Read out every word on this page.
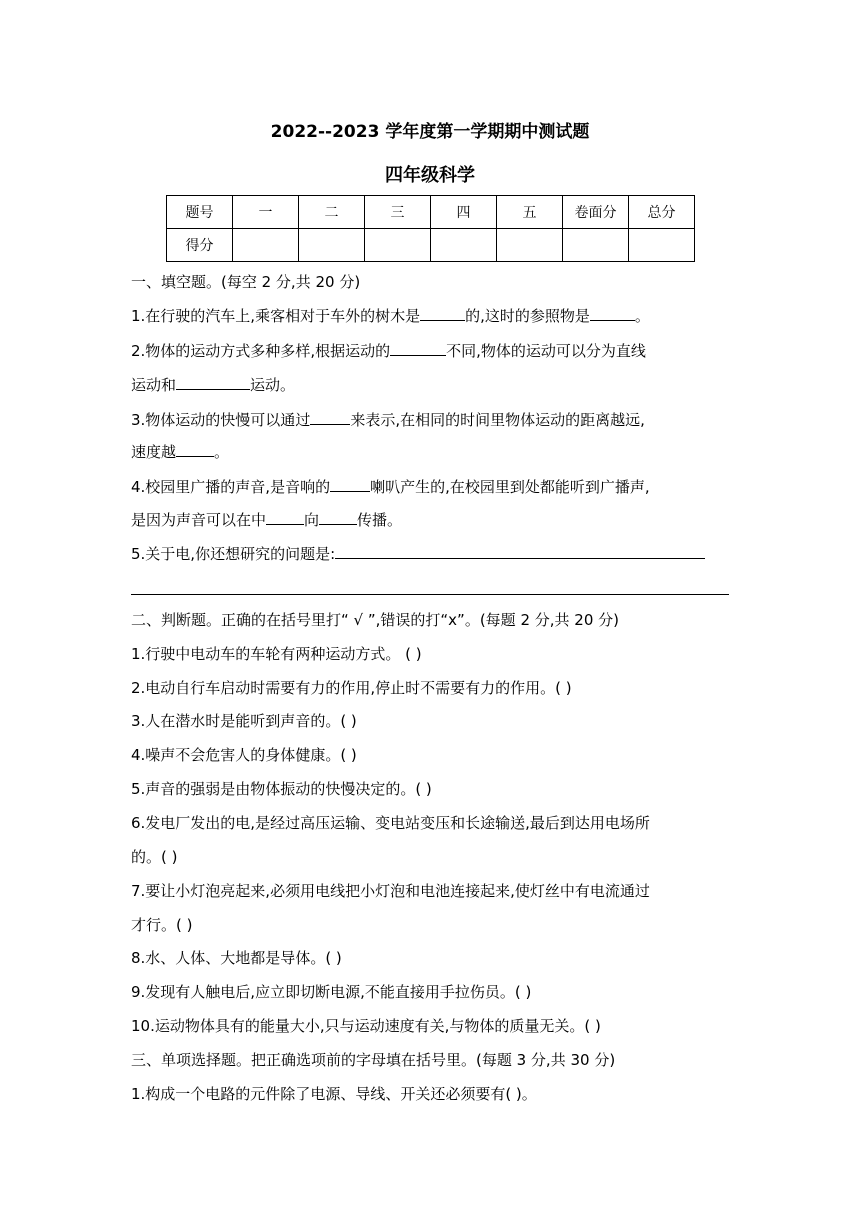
2022--2023 学年度第一学期期中测试题
四年级科学
题号	一	二	三	四	五	卷面分	总分
得分							
一、填空题。(每空 2 分,共 20 分)
1.在行驶的汽车上,乘客相对于车外的树木是	的,这时的参照物是	。
2.物体的运动方式多种多样,根据运动的	不同,物体的运动可以分为直线
运动和	运动。
3.物体运动的快慢可以通过	来表示,在相同的时间里物体运动的距离越远,
速度越	。
4.校园里广播的声音,是音响的	喇叭产生的,在校园里到处都能听到广播声,
是因为声音可以在中	向	传播。
5.关于电,你还想研究的问题是:
二、判断题。正确的在括号里打“ √ ”,错误的打“x”。(每题 2 分,共 20 分)
1.行驶中电动车的车轮有两种运动方式。 ( )
2.电动自行车启动时需要有力的作用,停止时不需要有力的作用。( )
3.人在潜水时是能听到声音的。( )
4.噪声不会危害人的身体健康。( )
5.声音的强弱是由物体振动的快慢决定的。( )
6.发电厂发出的电,是经过高压运输、变电站变压和长途输送,最后到达用电场所
的。( )
7.要让小灯泡亮起来,必须用电线把小灯泡和电池连接起来,使灯丝中有电流通过
才行。( )
8.水、人体、大地都是导体。( )
9.发现有人触电后,应立即切断电源,不能直接用手拉伤员。( )
10.运动物体具有的能量大小,只与运动速度有关,与物体的质量无关。( )
三、单项选择题。把正确选项前的字母填在括号里。(每题 3 分,共 30 分)
1.构成一个电路的元件除了电源、导线、开关还必须要有( )。
